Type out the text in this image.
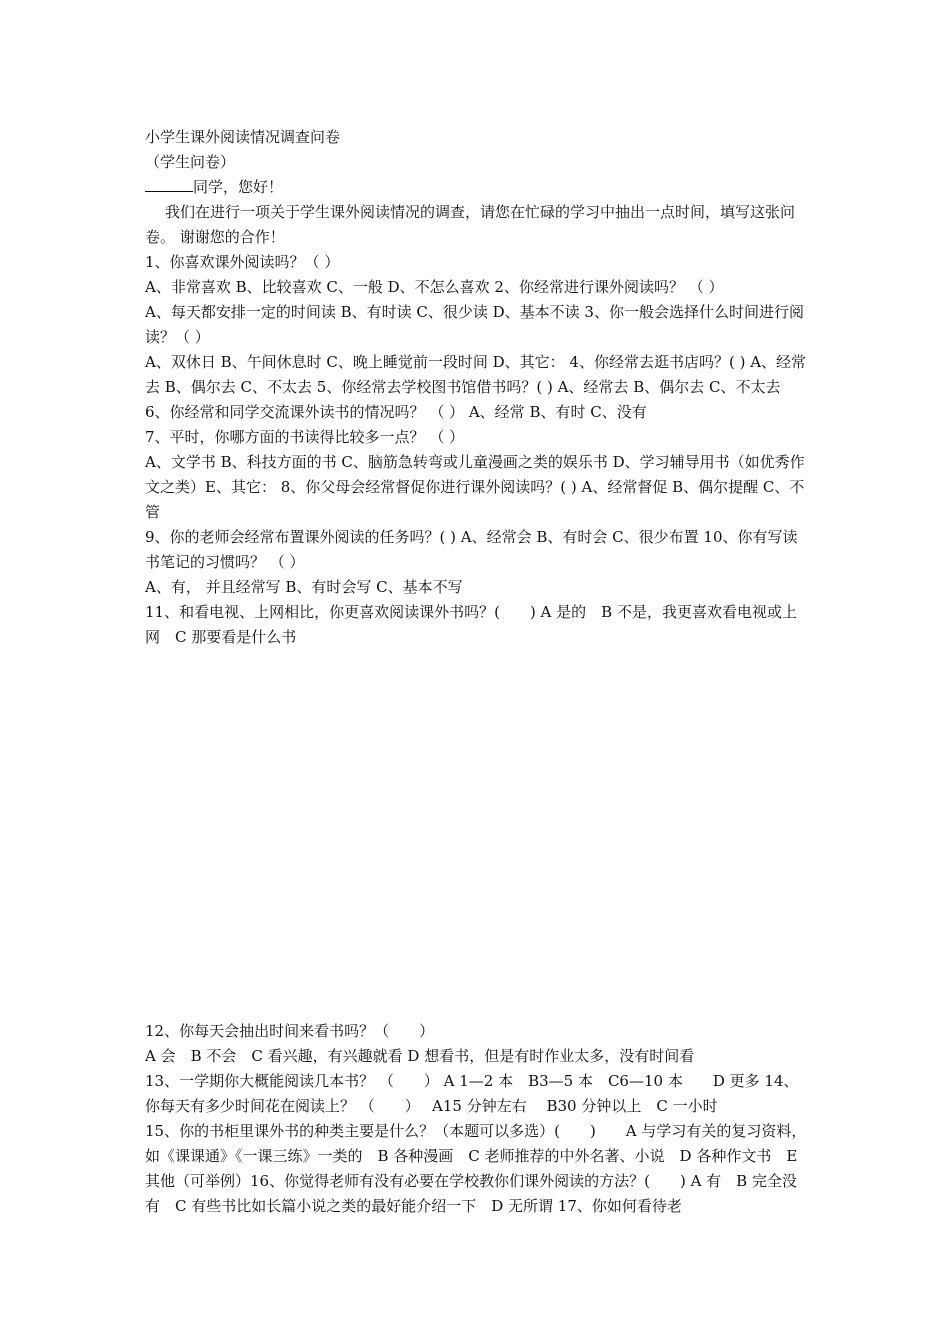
小学生课外阅读情况调查问卷

（学生问卷）

同学，您好！

我们在进行一项关于学生课外阅读情况的调查，请您在忙碌的学习中抽出一点时间，填写这张问卷。 谢谢您的合作！

1、你喜欢课外阅读吗？（ ）

A、非常喜欢 B、比较喜欢 C、一般 D、不怎么喜欢 2、你经常进行课外阅读吗？ （ ）

A、每天都安排一定的时间读 B、有时读 C、很少读 D、基本不读 3、你一般会选择什么时间进行阅读？（ ）

A、双休日 B、午间休息时 C、晚上睡觉前一段时间 D、其它： 4、你经常去逛书店吗？( ) A、经常去 B、偶尔去 C、不太去 5、你经常去学校图书馆借书吗？( ) A、经常去 B、偶尔去 C、不太去

6、你经常和同学交流课外读书的情况吗？ （ ） A、经常 B、有时 C、没有

7、平时，你哪方面的书读得比较多一点？ （ ）

A、文学书 B、科技方面的书 C、脑筋急转弯或儿童漫画之类的娱乐书 D、学习辅导用书（如优秀作文之类）E、其它： 8、你父母会经常督促你进行课外阅读吗？( ) A、经常督促 B、偶尔提醒 C、不管

9、你的老师会经常布置课外阅读的任务吗？( ) A、经常会 B、有时会 C、很少布置 10、你有写读书笔记的习惯吗？ （ ）

A、有， 并且经常写 B、有时会写 C、基本不写

11、和看电视、上网相比，你更喜欢阅读课外书吗？(　　) A 是的　B 不是，我更喜欢看电视或上网　C 那要看是什么书

12、你每天会抽出时间来看书吗？（　　）

A 会　B 不会　C 看兴趣，有兴趣就看 D 想看书，但是有时作业太多，没有时间看

13、一学期你大概能阅读几本书？ （　　） A 1—2 本　B3—5 本　C6—10 本　　D 更多 14、你每天有多少时间花在阅读上？ （　　）　 A15 分钟左右　 B30 分钟以上　C 一小时

15、你的书柜里课外书的种类主要是什么？（本题可以多选）(　　)　　A 与学习有关的复习资料，如《课课通》《一课三练》一类的　B 各种漫画　C 老师推荐的中外名著、小说　D 各种作文书　E 其他（可举例）16、你觉得老师有没有必要在学校教你们课外阅读的方法？(　　) A 有　B 完全没有　C 有些书比如长篇小说之类的最好能介绍一下　D 无所谓 17、你如何看待老
